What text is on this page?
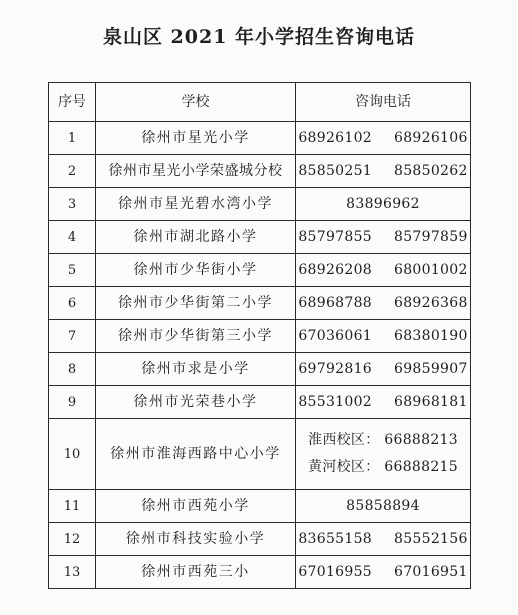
泉山区 2021 年小学招生咨询电话
序号	学校	咨询电话
1	徐州市星光小学	68926102 68926106
2	徐州市星光小学荣盛城分校	85850251 85850262
3	徐州市星光碧水湾小学	83896962
4	徐州市湖北路小学	85797855 85797859
5	徐州市少华街小学	68926208 68001002
6	徐州市少华街第二小学	68968788 68926368
7	徐州市少华街第三小学	67036061 68380190
8	徐州市求是小学	69792816 69859907
9	徐州市光荣巷小学	85531002 68968181
10	徐州市淮海西路中心小学	淮西校区： 66888213
黄河校区： 66888215

11	徐州市西苑小学	85858894
12	徐州市科技实验小学	83655158 85552156
13	徐州市西苑三小	67016955 67016951
